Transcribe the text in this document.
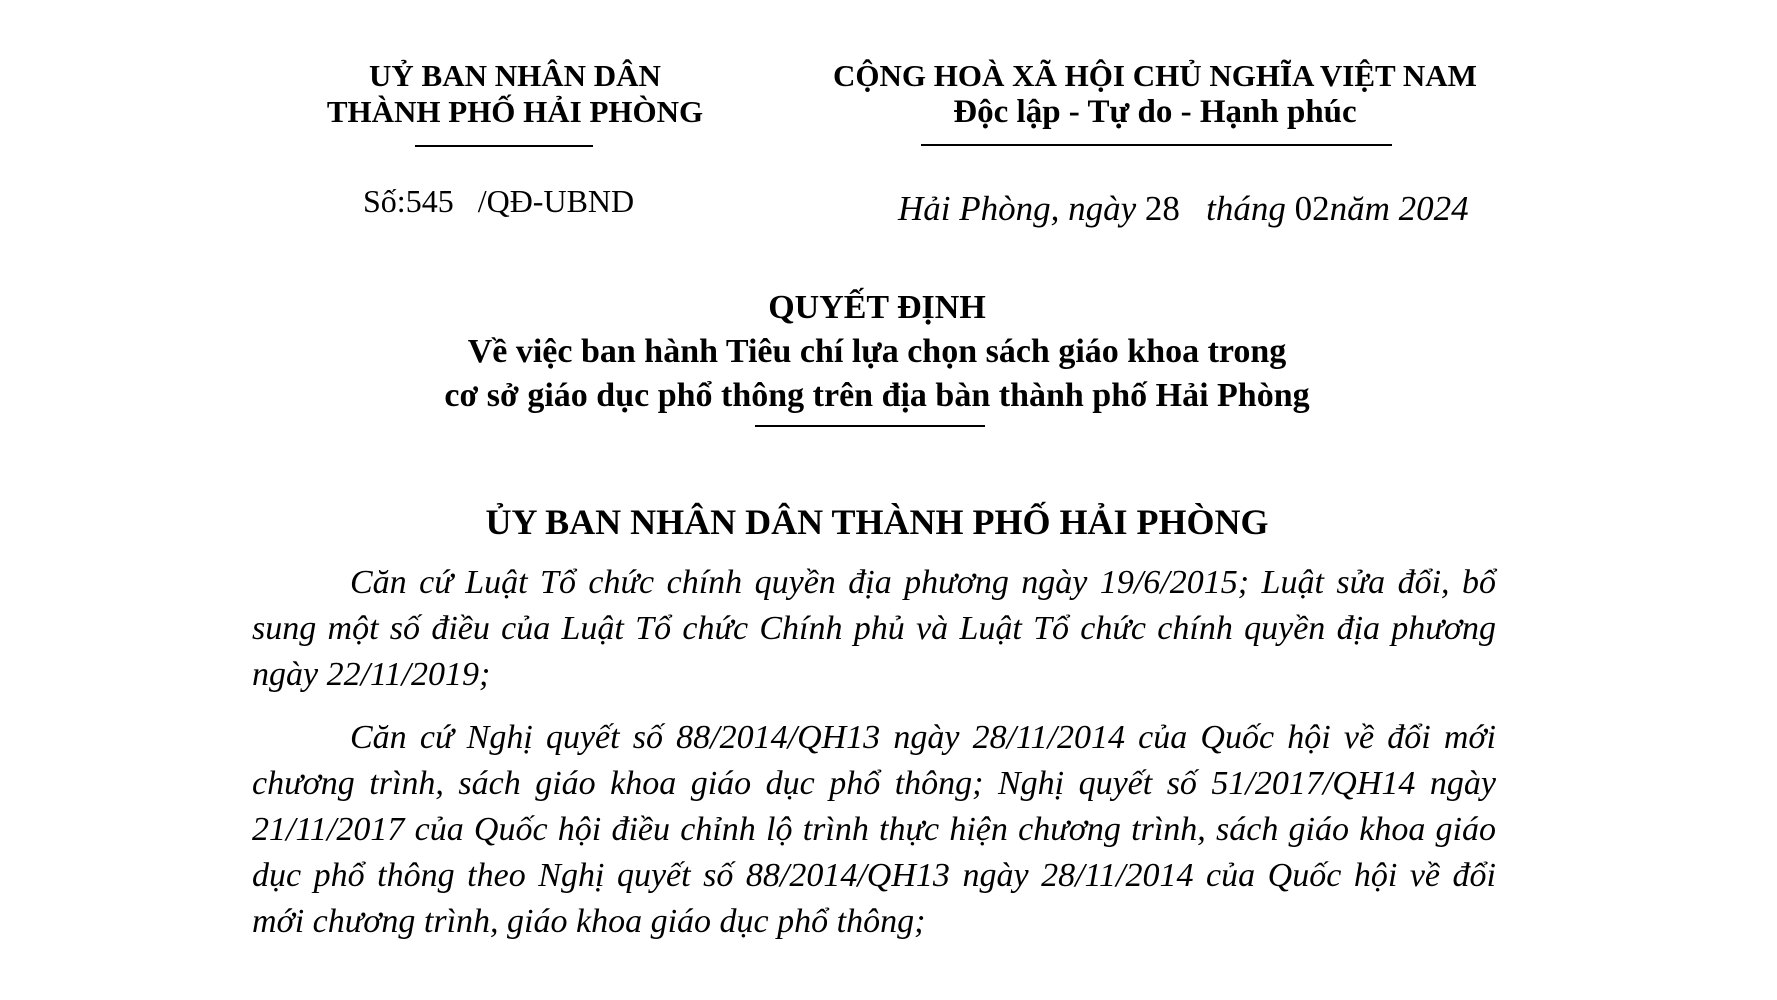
UỶ BAN NHÂN DÂN
THÀNH PHỐ HẢI PHÒNG
CỘNG HOÀ XÃ HỘI CHỦ NGHĨA VIỆT NAM
Độc lập - Tự do - Hạnh phúc
Số:545 /QĐ-UBND	Hải Phòng, ngày 28 tháng 02năm 2024
QUYẾT ĐỊNH
Về việc ban hành Tiêu chí lựa chọn sách giáo khoa trong
cơ sở giáo dục phổ thông trên địa bàn thành phố Hải Phòng
ỦY BAN NHÂN DÂN THÀNH PHỐ HẢI PHÒNG
Căn cứ Luật Tổ chức chính quyền địa phương ngày 19/6/2015; Luật sửa đổi, bổ sung một số điều của Luật Tổ chức Chính phủ và Luật Tổ chức chính quyền địa phương ngày 22/11/2019;
Căn cứ Nghị quyết số 88/2014/QH13 ngày 28/11/2014 của Quốc hội về đổi mới chương trình, sách giáo khoa giáo dục phổ thông; Nghị quyết số 51/2017/QH14 ngày 21/11/2017 của Quốc hội điều chỉnh lộ trình thực hiện chương trình, sách giáo khoa giáo dục phổ thông theo Nghị quyết số 88/2014/QH13 ngày 28/11/2014 của Quốc hội về đổi mới chương trình, giáo khoa giáo dục phổ thông;
